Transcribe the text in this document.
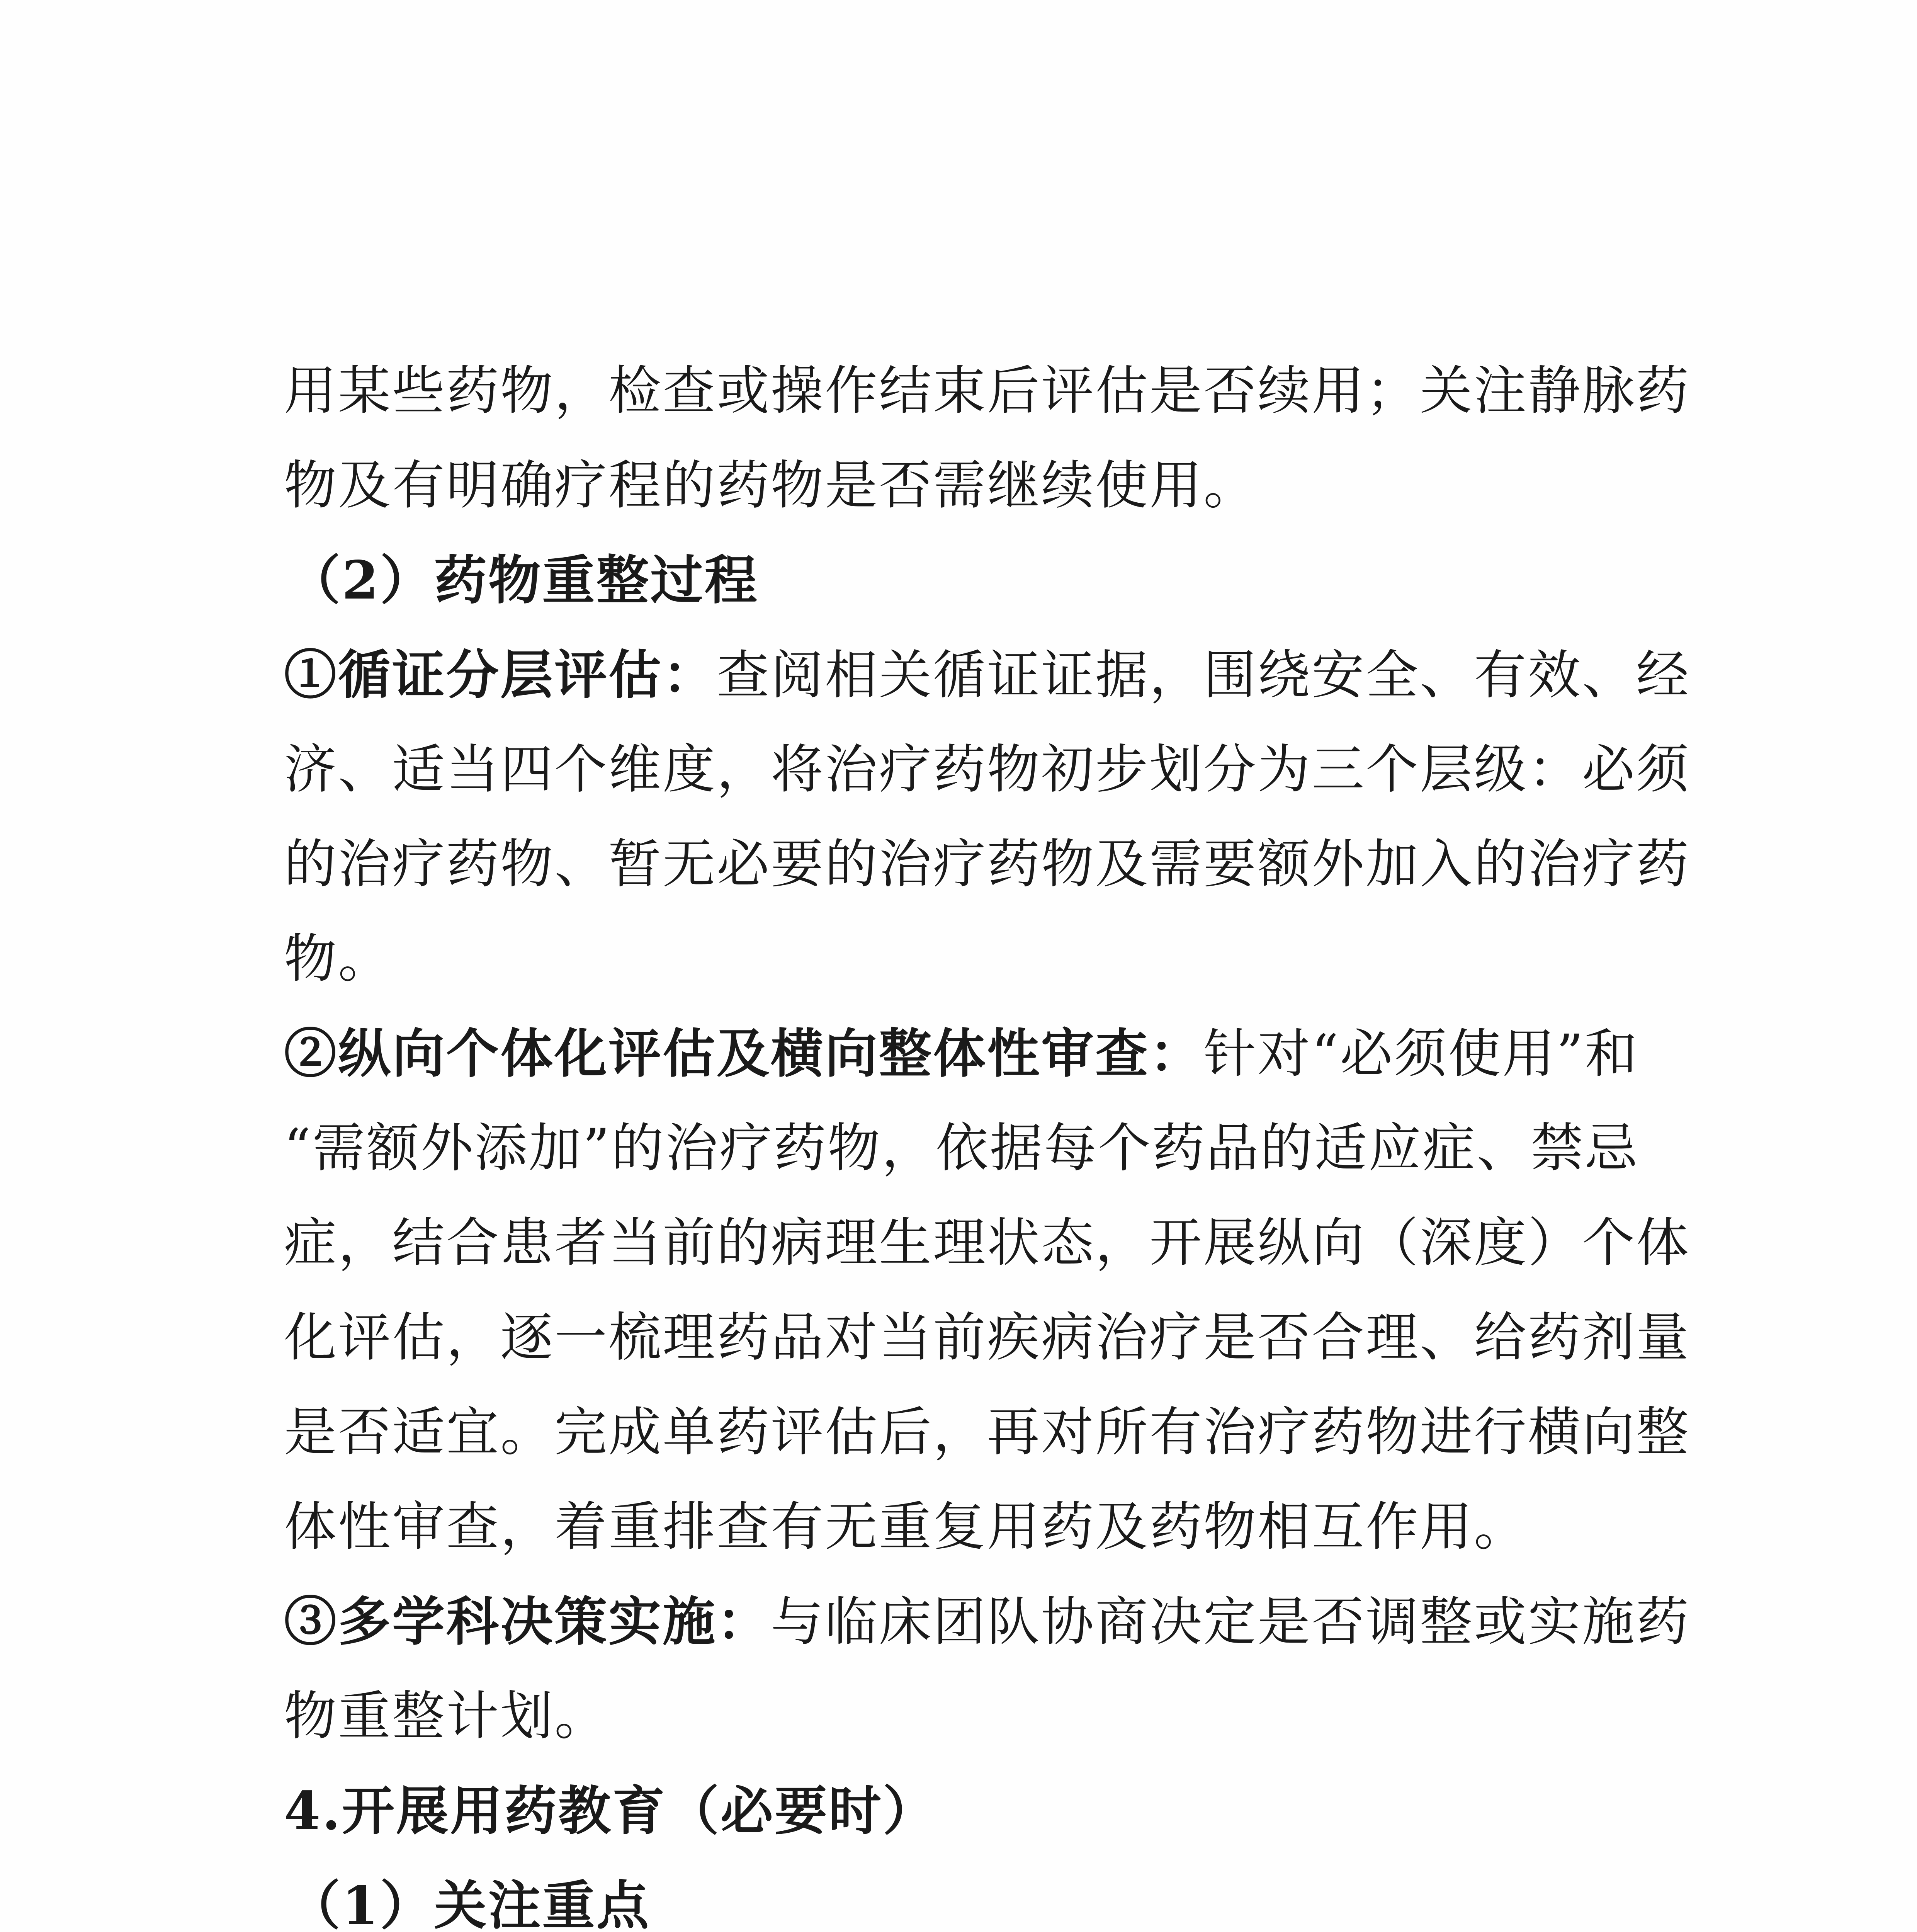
用某些药物，检查或操作结束后评估是否续用；关注静脉药
物及有明确疗程的药物是否需继续使用。
（2）药物重整过程
①循证分层评估：查阅相关循证证据，围绕安全、有效、经
济、适当四个维度，将治疗药物初步划分为三个层级：必须
的治疗药物、暂无必要的治疗药物及需要额外加入的治疗药
物。
②纵向个体化评估及横向整体性审查：针对“必须使用”和
“需额外添加”的治疗药物，依据每个药品的适应症、禁忌
症，结合患者当前的病理生理状态，开展纵向（深度）个体
化评估，逐一梳理药品对当前疾病治疗是否合理、给药剂量
是否适宜。完成单药评估后，再对所有治疗药物进行横向整
体性审查，着重排查有无重复用药及药物相互作用。
③多学科决策实施：与临床团队协商决定是否调整或实施药
物重整计划。
4.开展用药教育（必要时）
（1）关注重点
